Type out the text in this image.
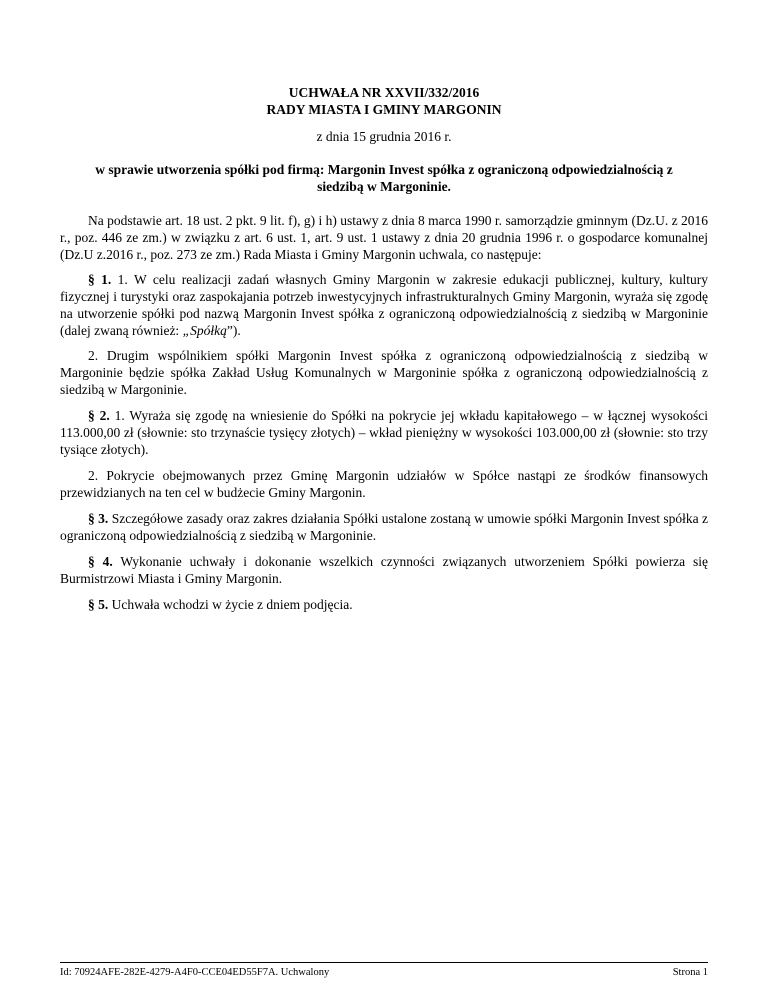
UCHWAŁA NR XXVII/332/2016
RADY MIASTA I GMINY MARGONIN
z dnia 15 grudnia 2016 r.
w sprawie utworzenia spółki pod firmą: Margonin Invest spółka z ograniczoną odpowiedzialnością z
siedzibą w Margoninie.

Na podstawie art. 18 ust. 2 pkt. 9 lit. f), g) i h) ustawy z dnia 8 marca 1990 r. samorządzie gminnym (Dz.U. z 2016 r., poz. 446 ze zm.) w związku z art. 6 ust. 1, art. 9 ust. 1 ustawy z dnia 20 grudnia 1996 r. o gospodarce komunalnej (Dz.U z.2016 r., poz. 273 ze zm.) Rada Miasta i Gminy Margonin uchwala, co następuje:

§ 1. 1. W celu realizacji zadań własnych Gminy Margonin w zakresie edukacji publicznej, kultury, kultury fizycznej i turystyki oraz zaspokajania potrzeb inwestycyjnych infrastrukturalnych Gminy Margonin, wyraża się zgodę na utworzenie spółki pod nazwą Margonin Invest spółka z ograniczoną odpowiedzialnością z siedzibą w Margoninie (dalej zwaną również: „Spółką”).

2. Drugim wspólnikiem spółki Margonin Invest spółka z ograniczoną odpowiedzialnością z siedzibą w Margoninie będzie spółka Zakład Usług Komunalnych w Margoninie spółka z ograniczoną odpowiedzialnością z siedzibą w Margoninie.

§ 2. 1. Wyraża się zgodę na wniesienie do Spółki na pokrycie jej wkładu kapitałowego – w łącznej wysokości 113.000,00 zł (słownie: sto trzynaście tysięcy złotych) – wkład pieniężny w wysokości 103.000,00 zł (słownie: sto trzy tysiące złotych).

2. Pokrycie obejmowanych przez Gminę Margonin udziałów w Spółce nastąpi ze środków finansowych przewidzianych na ten cel w budżecie Gminy Margonin.

§ 3. Szczegółowe zasady oraz zakres działania Spółki ustalone zostaną w umowie spółki Margonin Invest spółka z ograniczoną odpowiedzialnością z siedzibą w Margoninie.

§ 4. Wykonanie uchwały i dokonanie wszelkich czynności związanych utworzeniem Spółki powierza się Burmistrzowi Miasta i Gminy Margonin.

§ 5. Uchwała wchodzi w życie z dniem podjęcia.

Id: 70924AFE-282E-4279-A4F0-CCE04ED55F7A. Uchwalony	Strona 1
